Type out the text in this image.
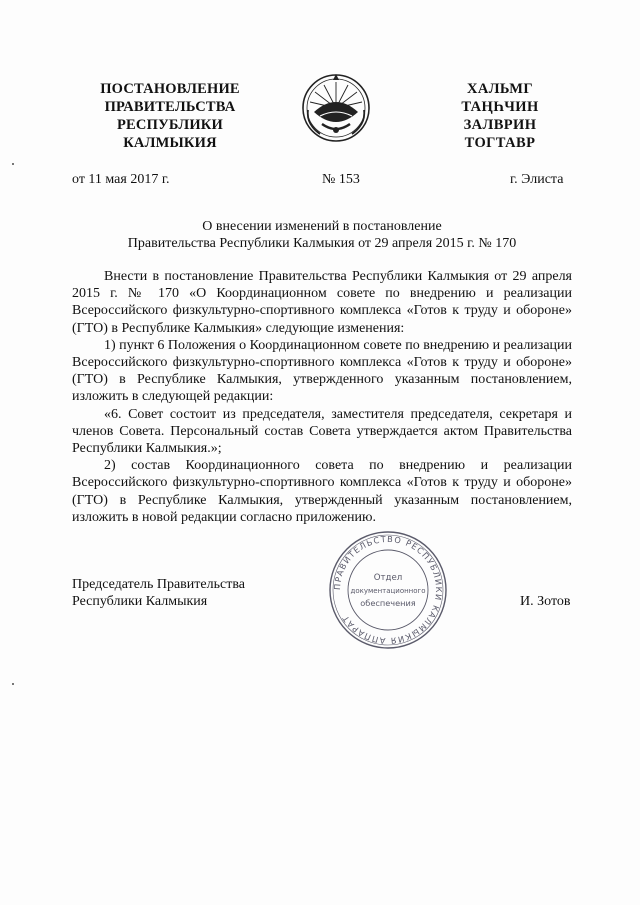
ПОСТАНОВЛЕНИЕ
ПРАВИТЕЛЬСТВА
РЕСПУБЛИКИ
КАЛМЫКИЯ
ХАЛЬМГ
ТАҢҺЧИН
ЗАЛВРИН
ТОГТАВР
от 11 мая 2017 г.	№ 153	г. Элиста
О внесении изменений в постановление
Правительства Республики Калмыкия от 29 апреля 2015 г. № 170

Внести в постановление Правительства Республики Калмыкия от 29 апреля 2015 г. № 170 «О Координационном совете по внедрению и реализации Всероссийского физкультурно-спортивного комплекса «Готов к труду и обороне» (ГТО) в Республике Калмыкия» следующие изменения:

1) пункт 6 Положения о Координационном совете по внедрению и реализации Всероссийского физкультурно-спортивного комплекса «Готов к труду и обороне» (ГТО) в Республике Калмыкия, утвержденного указанным постановлением, изложить в следующей редакции:

«6. Совет состоит из председателя, заместителя председателя, секретаря и членов Совета. Персональный состав Совета утверждается актом Правительства Республики Калмыкия.»;

2) состав Координационного совета по внедрению и реализации Всероссийского физкультурно-спортивного комплекса «Готов к труду и обороне» (ГТО) в Республике Калмыкия, утвержденный указанным постановлением, изложить в новой редакции согласно приложению.

ПРАВИТЕЛЬСТВО РЕСПУБЛИКИ КАЛМЫКИЯ АППАРАТ
Отдел
документационного
обеспечения
Председатель Правительства
Республики Калмыкия	И. Зотов
